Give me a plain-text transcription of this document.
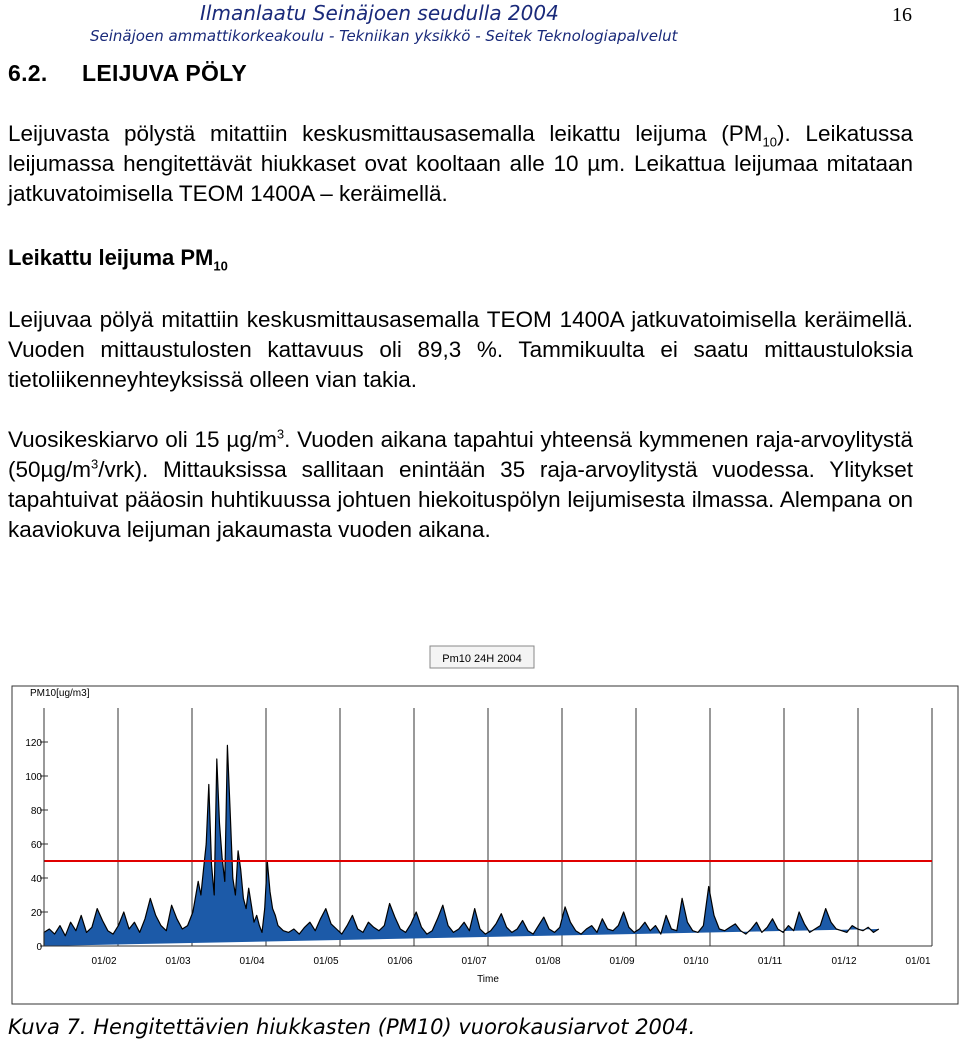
Ilmanlaatu Seinäjoen seudulla 2004
Seinäjoen ammattikorkeakoulu - Tekniikan yksikkö - Seitek Teknologiapalvelut
16
6.2. LEIJUVA PÖLY
Leijuvasta pölystä mitattiin keskusmittausasemalla leikattu leijuma $(PM_{10})$. Leikatussa leijumassa hengitettävät hiukkaset ovat kooltaan alle 10 µm. Leikattua leijumaa mitataan jatkuvatoimisella TEOM 1400A – keräimellä.
Leikattu leijuma $PM_{10}$
Leijuvaa pölyä mitattiin keskusmittausasemalla TEOM 1400A jatkuvatoimisella keräimellä. Vuoden mittaustulosten kattavuus oli 89,3 %. Tammikuulta ei saatu mittaustuloksia tietoliikenneyhteyksissä olleen vian takia.
Vuosikeskiarvo oli 15 $\mu g/m^3$. Vuoden aikana tapahtui yhteensä kymmenen raja-arvoylitystä $(50\mu g/m^3/vrk)$. Mittauksissa sallitaan enintään 35 raja-arvoylitystä vuodessa. Ylitykset tapahtuivat pääosin huhtikuussa johtuen hiekoituspölyn leijumisesta ilmassa. Alempana on kaaviokuva leijuman jakaumasta vuoden aikana.
Pm10 24H 2004
PM10[ug/m3]
Time
01/02	01/03	01/04	01/05	01/06	01/07	01/08	01/09	01/10	01/11	01/12	01/01
0
20
40
60
80
100
120
Kuva 7. Hengitettävien hiukkasten (PM10) vuorokausiarvot 2004.
